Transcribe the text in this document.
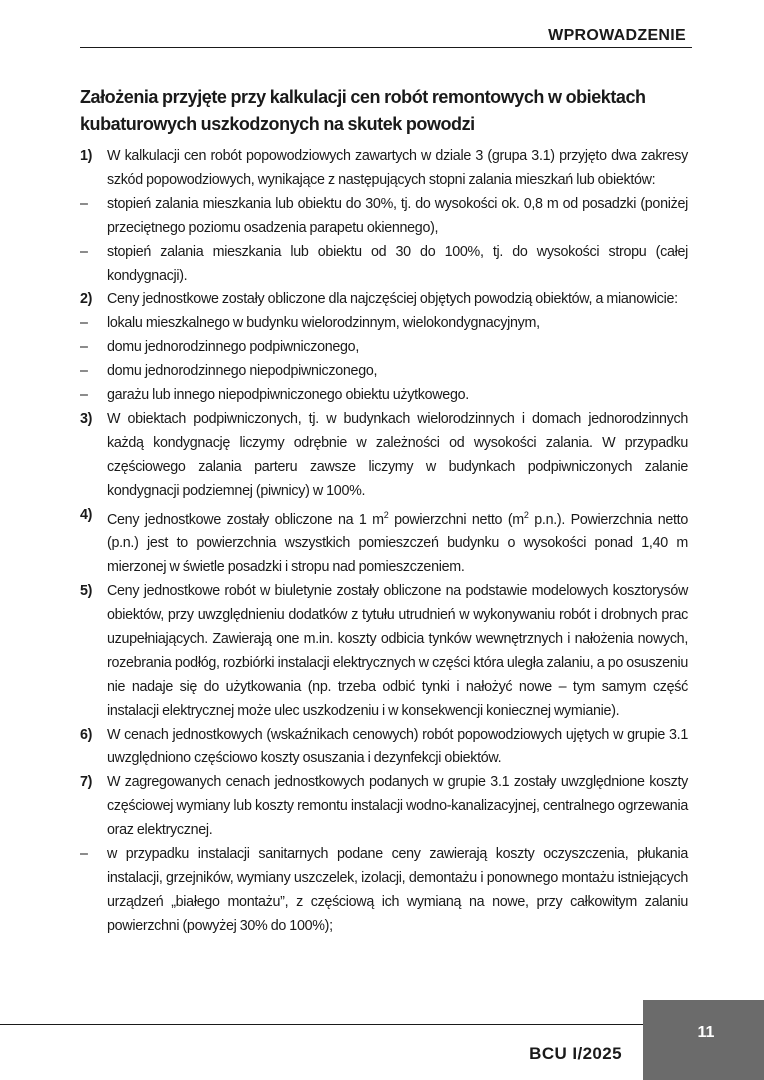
WPROWADZENIE
Założenia przyjęte przy kalkulacji cen robót remontowych w obiektach kubaturowych uszkodzonych na skutek powodzi
1) W kalkulacji cen robót popowodziowych zawartych w dziale 3 (grupa 3.1) przyjęto dwa zakresy szkód popowodziowych, wynikające z następujących stopni zalania mieszkań lub obiektów:
– stopień zalania mieszkania lub obiektu do 30%, tj. do wysokości ok. 0,8 m od posadzki (poniżej przeciętnego poziomu osadzenia parapetu okiennego),
– stopień zalania mieszkania lub obiektu od 30 do 100%, tj. do wysokości stropu (całej kondygnacji).
2) Ceny jednostkowe zostały obliczone dla najczęściej objętych powodzią obiektów, a mianowicie:
– lokalu mieszkalnego w budynku wielorodzinnym, wielokondygnacyjnym,
– domu jednorodzinnego podpiwniczonego,
– domu jednorodzinnego niepodpiwniczonego,
– garażu lub innego niepodpiwniczonego obiektu użytkowego.
3) W obiektach podpiwniczonych, tj. w budynkach wielorodzinnych i domach jednorodzinnych każdą kondygnację liczymy odrębnie w zależności od wysokości zalania. W przypadku częściowego zalania parteru zawsze liczymy w budynkach podpiwniczonych zalanie kondygnacji podziemnej (piwnicy) w 100%.
4) Ceny jednostkowe zostały obliczone na 1 $m^2$ powierzchni netto ($m^2$ p.n.). Powierzchnia netto (p.n.) jest to powierzchnia wszystkich pomieszczeń budynku o wysokości ponad 1,40 m mierzonej w świetle posadzki i stropu nad pomieszczeniem.
5) Ceny jednostkowe robót w biuletynie zostały obliczone na podstawie modelowych kosztorysów obiektów, przy uwzględnieniu dodatków z tytułu utrudnień w wykonywaniu robót i drobnych prac uzupełniających. Zawierają one m.in. koszty odbicia tynków wewnętrznych i nałożenia nowych, rozebrania podłóg, rozbiórki instalacji elektrycznych w części która uległa zalaniu, a po osuszeniu nie nadaje się do użytkowania (np. trzeba odbić tynki i nałożyć nowe – tym samym część instalacji elektrycznej może ulec uszkodzeniu i w konsekwencji koniecznej wymianie).
6) W cenach jednostkowych (wskaźnikach cenowych) robót popowodziowych ujętych w grupie 3.1 uwzględniono częściowo koszty osuszania i dezynfekcji obiektów.
7) W zagregowanych cenach jednostkowych podanych w grupie 3.1 zostały uwzględnione koszty częściowej wymiany lub koszty remontu instalacji wodno-kanalizacyjnej, centralnego ogrzewania oraz elektrycznej.
– w przypadku instalacji sanitarnych podane ceny zawierają koszty oczyszczenia, płukania instalacji, grzejników, wymiany uszczelek, izolacji, demontażu i ponownego montażu istniejących urządzeń „białego montażu”, z częściową ich wymianą na nowe, przy całkowitym zalaniu powierzchni (powyżej 30% do 100%);
BCU I/2025
11
